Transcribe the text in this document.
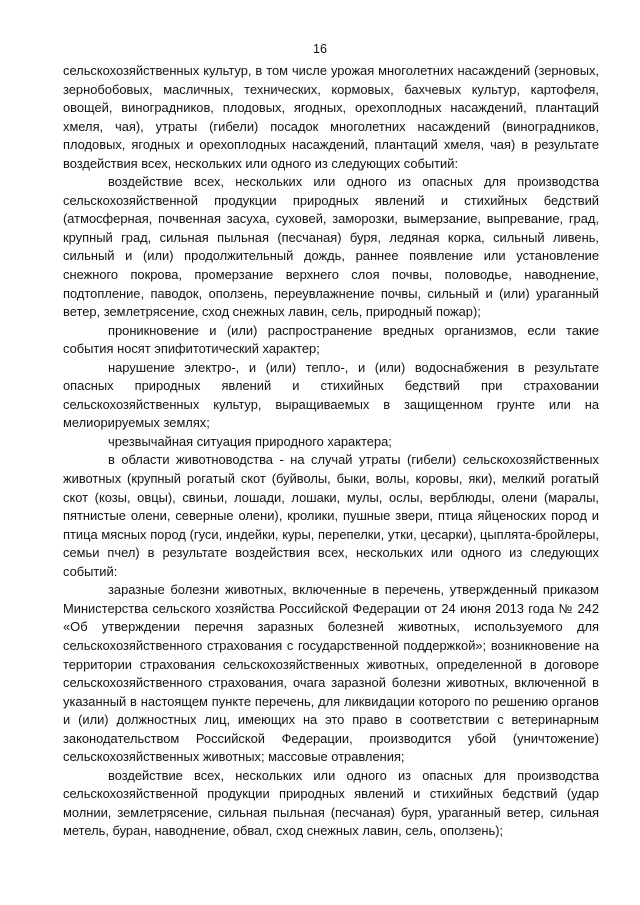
16

сельскохозяйственных культур, в том числе урожая многолетних насаждений (зерновых, зернобобовых, масличных, технических, кормовых, бахчевых культур, картофеля, овощей, виноградников, плодовых, ягодных, орехоплодных насаждений, плантаций хмеля, чая), утраты (гибели) посадок многолетних насаждений (виноградников, плодовых, ягодных и орехоплодных насаждений, плантаций хмеля, чая) в результате воздействия всех, нескольких или одного из следующих событий:

воздействие всех, нескольких или одного из опасных для производства сельскохозяйственной продукции природных явлений и стихийных бедствий (атмосферная, почвенная засуха, суховей, заморозки, вымерзание, выпревание, град, крупный град, сильная пыльная (песчаная) буря, ледяная корка, сильный ливень, сильный и (или) продолжительный дождь, раннее появление или установление снежного покрова, промерзание верхнего слоя почвы, половодье, наводнение, подтопление, паводок, оползень, переувлажнение почвы, сильный и (или) ураганный ветер, землетрясение, сход снежных лавин, сель, природный пожар);

проникновение и (или) распространение вредных организмов, если такие события носят эпифитотический характер;

нарушение электро-, и (или) тепло-, и (или) водоснабжения в результате опасных природных явлений и стихийных бедствий при страховании сельскохозяйственных культур, выращиваемых в защищенном грунте или на мелиорируемых землях;

чрезвычайная ситуация природного характера;

в области животноводства - на случай утраты (гибели) сельскохозяйственных животных (крупный рогатый скот (буйволы, быки, волы, коровы, яки), мелкий рогатый скот (козы, овцы), свиньи, лошади, лошаки, мулы, ослы, верблюды, олени (маралы, пятнистые олени, северные олени), кролики, пушные звери, птица яйценоских пород и птица мясных пород (гуси, индейки, куры, перепелки, утки, цесарки), цыплята-бройлеры, семьи пчел) в результате воздействия всех, нескольких или одного из следующих событий:

заразные болезни животных, включенные в перечень, утвержденный приказом Министерства сельского хозяйства Российской Федерации от 24 июня 2013 года № 242 «Об утверждении перечня заразных болезней животных, используемого для сельскохозяйственного страхования с государственной поддержкой»; возникновение на территории страхования сельскохозяйственных животных, определенной в договоре сельскохозяйственного страхования, очага заразной болезни животных, включенной в указанный в настоящем пункте перечень, для ликвидации которого по решению органов и (или) должностных лиц, имеющих на это право в соответствии с ветеринарным законодательством Российской Федерации, производится убой (уничтожение) сельскохозяйственных животных; массовые отравления;

воздействие всех, нескольких или одного из опасных для производства сельскохозяйственной продукции природных явлений и стихийных бедствий (удар молнии, землетрясение, сильная пыльная (песчаная) буря, ураганный ветер, сильная метель, буран, наводнение, обвал, сход снежных лавин, сель, оползень);
